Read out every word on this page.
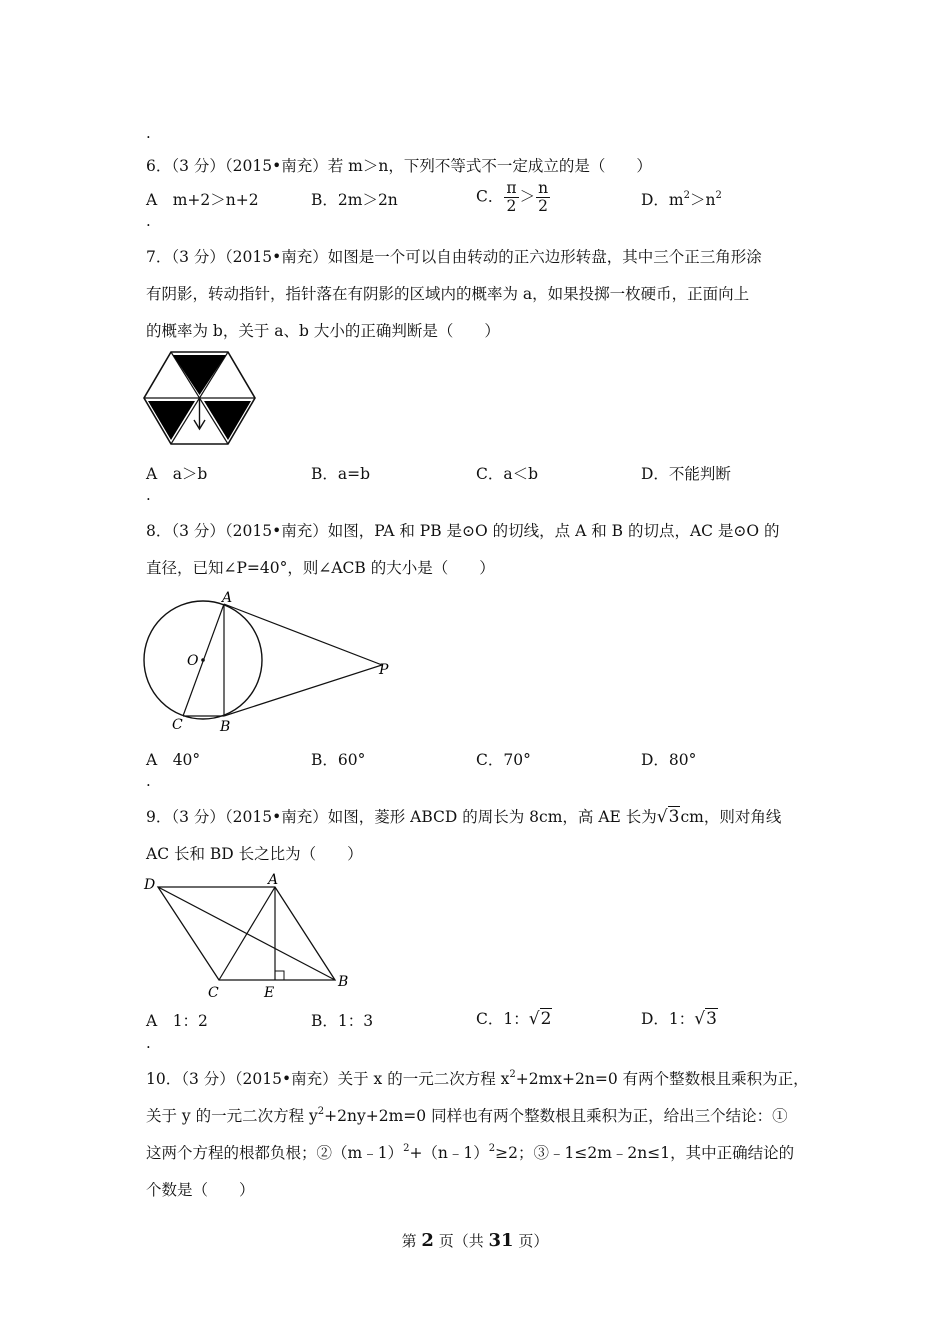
.
6．（3 分）（2015•南充）若 m＞n，下列不等式不一定成立的是（　　）
A　m+2＞n+2	B．2m＞2n	C． $\frac{\pi}{2} > \frac{n}{2}$	D．$m^2>n^2$
.
7．（3 分）（2015•南充）如图是一个可以自由转动的正六边形转盘，其中三个正三角形涂
有阴影，转动指针，指针落在有阴影的区域内的概率为 a，如果投掷一枚硬币，正面向上
的概率为 b，关于 a、b 大小的正确判断是（　　）
A　a＞b	B．a=b	C．a＜b	D．不能判断
.
8．（3 分）（2015•南充）如图，PA 和 PB 是⊙O 的切线，点 A 和 B 的切点，AC 是⊙O 的
直径，已知∠P=40°，则∠ACB 的大小是（　　）
A
O
P
C	B
A　40°	B．60°	C．70°	D．80°
.
9．（3 分）（2015•南充）如图，菱形 ABCD 的周长为 8cm，高 AE 长为√3cm，则对角线
AC 长和 BD 长之比为（　　）
D	A
C	E
B
A　1：2	B．1：3	C．1：√2	D．1：√3
.
10．（3 分）（2015•南充）关于 x 的一元二次方程 $x^2+2mx+2n=0$ 有两个整数根且乘积为正，
关于 y 的一元二次方程 $y^2+2ny+2m=0$ 同样也有两个整数根且乘积为正，给出三个结论：①
这两个方程的根都负根；②（m﹣1）$^2$+（n﹣1）$^2$≥2；③﹣1≤2m﹣2n≤1，其中正确结论的
个数是（　　）
第 2 页（共 31 页）
